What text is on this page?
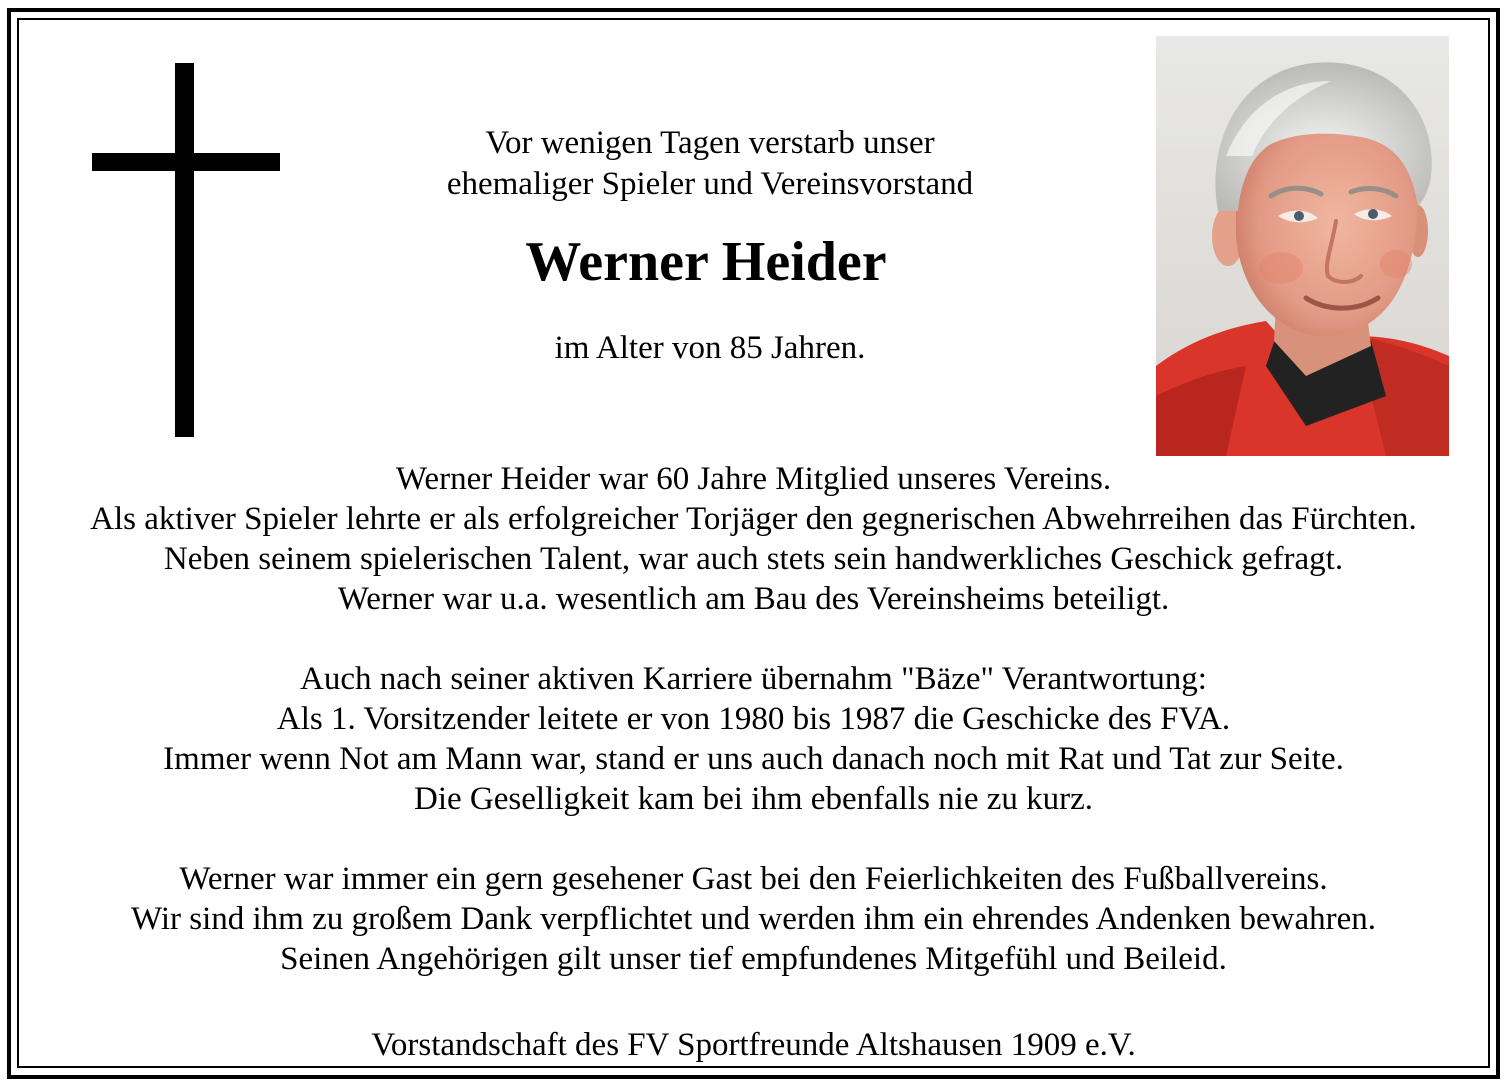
Vor wenigen Tagen verstarb unser
ehemaliger Spieler und Vereinsvorstand
Werner Heider
im Alter von 85 Jahren.
Werner Heider war 60 Jahre Mitglied unseres Vereins.
Als aktiver Spieler lehrte er als erfolgreicher Torjäger den gegnerischen Abwehrreihen das Fürchten.
Neben seinem spielerischen Talent, war auch stets sein handwerkliches Geschick gefragt.
Werner war u.a. wesentlich am Bau des Vereinsheims beteiligt.
Auch nach seiner aktiven Karriere übernahm "Bäze" Verantwortung:
Als 1. Vorsitzender leitete er von 1980 bis 1987 die Geschicke des FVA.
Immer wenn Not am Mann war, stand er uns auch danach noch mit Rat und Tat zur Seite.
Die Geselligkeit kam bei ihm ebenfalls nie zu kurz.
Werner war immer ein gern gesehener Gast bei den Feierlichkeiten des Fußballvereins.
Wir sind ihm zu großem Dank verpflichtet und werden ihm ein ehrendes Andenken bewahren.
Seinen Angehörigen gilt unser tief empfundenes Mitgefühl und Beileid.
Vorstandschaft des FV Sportfreunde Altshausen 1909 e.V.
